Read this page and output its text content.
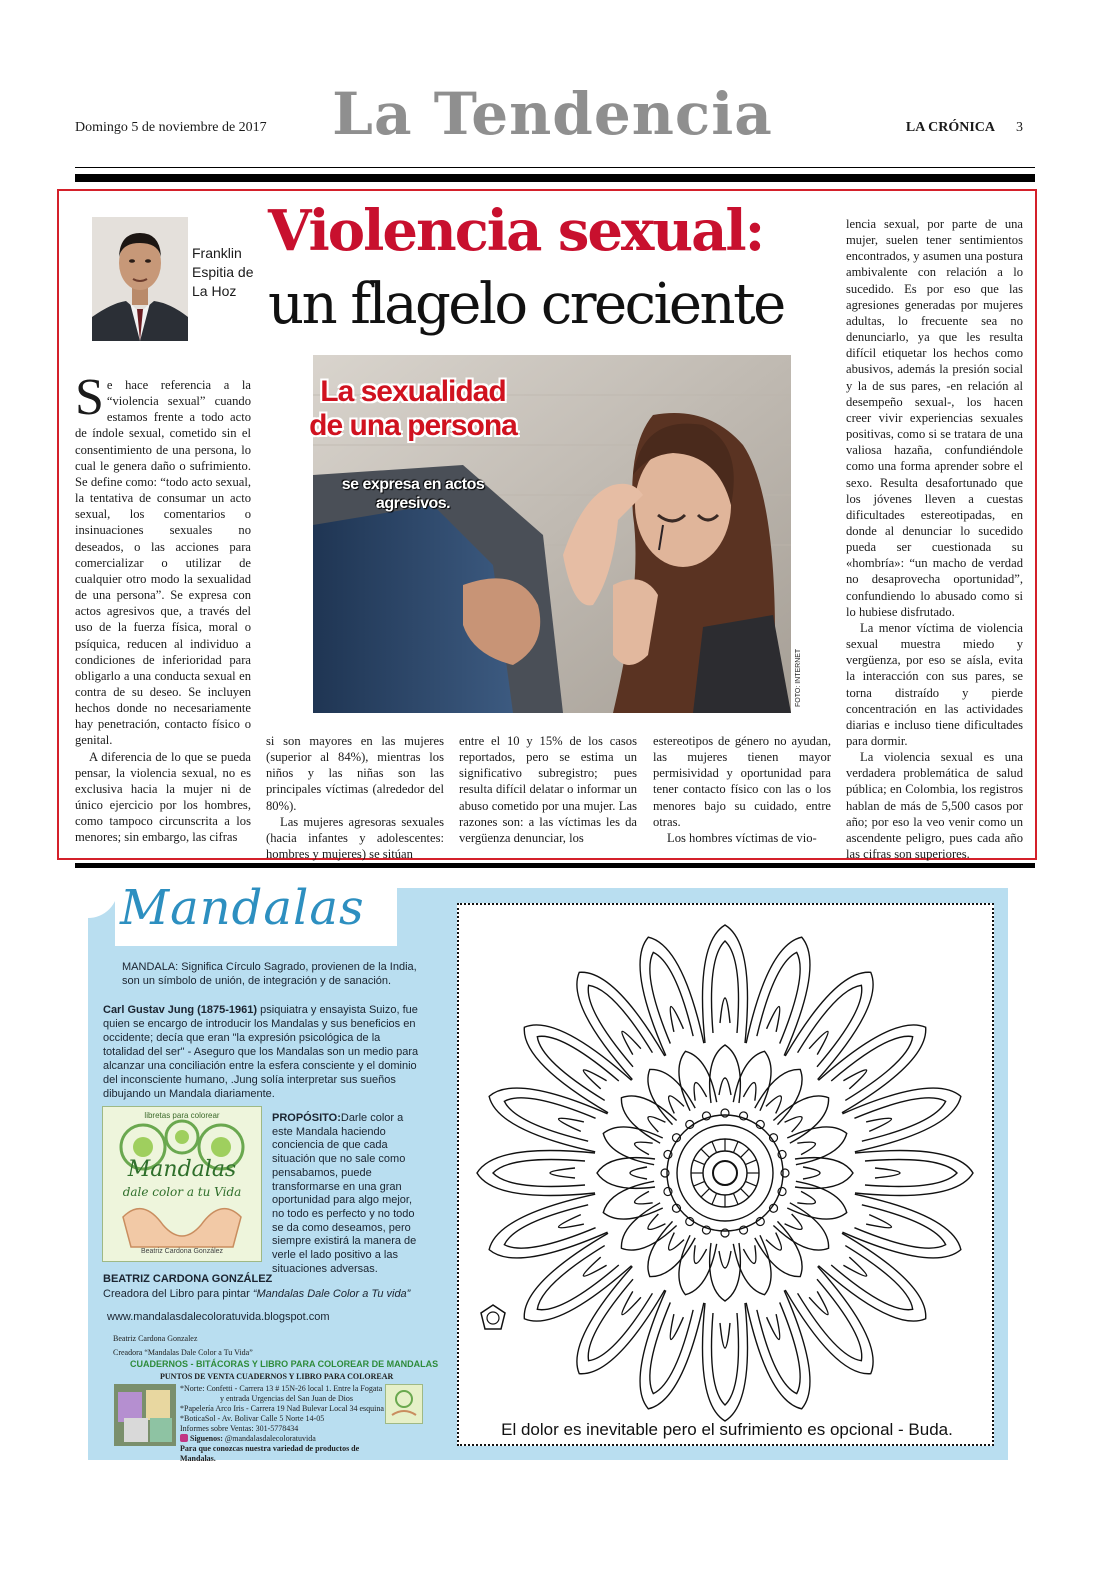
Domingo 5 de noviembre de 2017	La Tendencia	LA CRÓNICA 3
Franklin
Espitia de
La Hoz
Violencia sexual:
un flagelo creciente
La sexualidad
de una persona
se expresa en actos
agresivos.
FOTO: INTERNET

Se hace referencia a la “violencia sexual” cuando estamos frente a todo acto de índole sexual, cometido sin el consentimiento de una persona, lo cual le genera daño o sufrimiento. Se define como: “todo acto sexual, la tentativa de consumar un acto sexual, los comentarios o insinuaciones sexuales no deseados, o las acciones para comercializar o utilizar de cualquier otro modo la sexualidad de una persona”. Se expresa con actos agresivos que, a través del uso de la fuerza física, moral o psíquica, reducen al individuo a condiciones de inferioridad para obligarlo a una conducta sexual en contra de su deseo. Se incluyen hechos donde no necesariamente hay penetración, contacto físico o genital.

A diferencia de lo que se pueda pensar, la violencia sexual, no es exclusiva hacia la mujer ni de único ejercicio por los hombres, como tampoco circunscrita a los menores; sin embargo, las cifras

si son mayores en las mujeres (superior al 84%), mientras los niños y las niñas son las principales víctimas (alrededor del 80%).

Las mujeres agresoras sexuales (hacia infantes y adolescentes: hombres y mujeres) se sitúan

entre el 10 y 15% de los casos reportados, pero se estima un significativo subregistro; pues resulta difícil delatar o informar un abuso cometido por una mujer. Las razones son: a las víctimas les da vergüenza denunciar, los

estereotipos de género no ayudan, las mujeres tienen mayor permisividad y oportunidad para tener contacto físico con las o los menores bajo su cuidado, entre otras.

Los hombres víctimas de vio-

lencia sexual, por parte de una mujer, suelen tener sentimientos encontrados, y asumen una postura ambivalente con relación a lo sucedido. Es por eso que las agresiones generadas por mujeres adultas, lo frecuente sea no denunciarlo, ya que les resulta difícil etiquetar los hechos como abusivos, además la presión social y la de sus pares, -en relación al desempeño sexual-, los hacen creer vivir experiencias sexuales positivas, como si se tratara de una valiosa hazaña, confundiéndole como una forma aprender sobre el sexo. Resulta desafortunado que los jóvenes lleven a cuestas dificultades estereotipadas, en donde al denunciar lo sucedido pueda ser cuestionada su «hombría»: “un macho de verdad no desaprovecha oportunidad”, confundiendo lo abusado como si lo hubiese disfrutado.

La menor víctima de violencia sexual muestra miedo y vergüenza, por eso se aísla, evita la interacción con sus pares, se torna distraído y pierde concentración en las actividades diarias e incluso tiene dificultades para dormir.

La violencia sexual es una verdadera problemática de salud pública; en Colombia, los registros hablan de más de 5,500 casos por año; por eso la veo venir como un ascendente peligro, pues cada año las cifras son superiores.

Mandalas
MANDALA: Significa Círculo Sagrado, provienen de la India, son un símbolo de unión, de integración y de sanación.
Carl Gustav Jung (1875-1961) psiquiatra y ensayista Suizo, fue quien se encargo de introducir los Mandalas y sus beneficios en occidente; decía que eran "la expresión psicológica de la totalidad del ser" - Aseguro que los Mandalas son un medio para alcanzar una conciliación entre la esfera consciente y el dominio del inconsciente humano, .Jung solía interpretar sus sueños dibujando un Mandala diariamente.
libretas para colorear
Mandalas
dale color a tu Vida
Beatriz Cardona González
PROPÓSITO:Darle color a este Mandala haciendo conciencia de que cada situación que no sale como pensabamos, puede transformarse en una gran oportunidad para algo mejor, no todo es perfecto y no todo se da como deseamos, pero siempre existirá la manera de verle el lado positivo a las situaciones adversas.
BEATRIZ CARDONA GONZÁLEZ
Creadora del Libro para pintar “Mandalas Dale Color a Tu vida”
www.mandalasdalecoloratuvida.blogspot.com
Beatriz Cardona Gonzalez
Creadora “Mandalas Dale Color a Tu Vida”
CUADERNOS - BITÁCORAS Y LIBRO PARA COLOREAR DE MANDALAS
PUNTOS DE VENTA CUADERNOS Y LIBRO PARA COLOREAR
*Norte: Confetti - Carrera 13 # 15N-26 local 1. Entre la Fogata
y entrada Urgencias del San Juan de Dios
*Papelería Arco Iris - Carrera 19 Nad Bulevar Local 34 esquina
*BoticaSol - Av. Bolivar Calle 5 Norte 14-05
Informes sobre Ventas: 301-5778434
Siguenos: @mandalasdalecoloratuvida
Para que conozcas nuestra variedad de productos de Mandalas.
El dolor es inevitable pero el sufrimiento es opcional - Buda.
